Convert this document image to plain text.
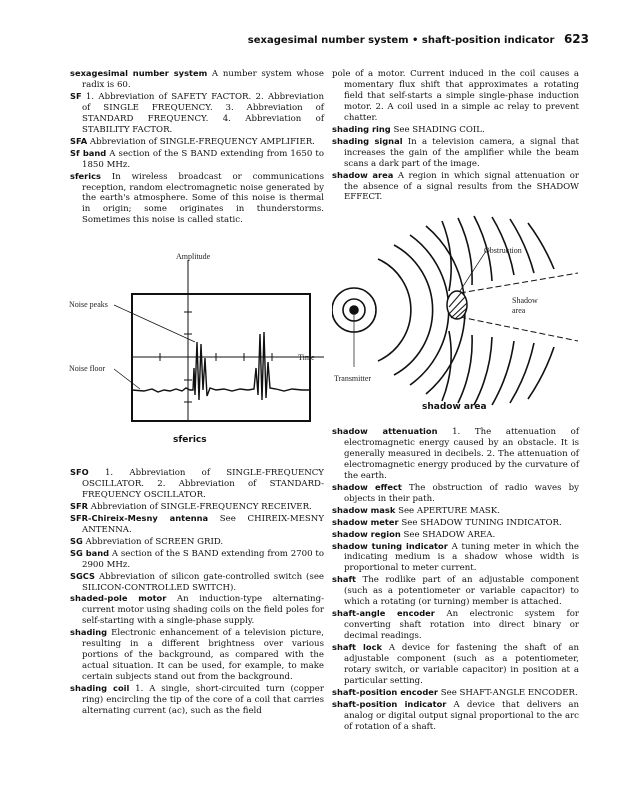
sexagesimal number system • shaft-position indicator 623

sexagesimal number system A number system whose radix is 60.

SF 1. Abbreviation of SAFETY FACTOR. 2. Abbreviation of SINGLE FREQUENCY. 3. Abbreviation of STANDARD FREQUENCY. 4. Abbreviation of STABILITY FACTOR.

SFA Abbreviation of SINGLE-FREQUENCY AMPLIFIER.

Sf band A section of the S BAND extending from 1650 to 1850 MHz.

sferics In wireless broadcast or communications reception, random electromagnetic noise generated by the earth's atmosphere. Some of this noise is thermal in origin; some originates in thunderstorms. Sometimes this noise is called static.

pole of a motor. Current induced in the coil causes a momentary flux shift that approximates a rotating field that self-starts a simple single-phase induction motor. 2. A coil used in a simple ac relay to prevent chatter.

shading ring See SHADING COIL.

shading signal In a television camera, a signal that increases the gain of the amplifier while the beam scans a dark part of the image.

shadow area A region in which signal attenuation or the absence of a signal results from the SHADOW EFFECT.

Amplitude
Noise peaks
Time
Noise floor
sferics
Obstruction
Shadow
area
Transmitter
shadow area

SFO 1. Abbreviation of SINGLE-FREQUENCY OSCILLATOR. 2. Abbreviation of STANDARD-FREQUENCY OSCILLATOR.

SFR Abbreviation of SINGLE-FREQUENCY RECEIVER.

SFR-Chireix-Mesny antenna See CHIREIX-MESNY ANTENNA.

SG Abbreviation of SCREEN GRID.

SG band A section of the S BAND extending from 2700 to 2900 MHz.

SGCS Abbreviation of silicon gate-controlled switch (see SILICON-CONTROLLED SWITCH).

shaded-pole motor An induction-type alternating-current motor using shading coils on the field poles for self-starting with a single-phase supply.

shading Electronic enhancement of a television picture, resulting in a different brightness over various portions of the background, as compared with the actual situation. It can be used, for example, to make certain subjects stand out from the background.

shading coil 1. A single, short-circuited turn (copper ring) encircling the tip of the core of a coil that carries alternating current (ac), such as the field

shadow attenuation 1. The attenuation of electromagnetic energy caused by an obstacle. It is generally measured in decibels. 2. The attenuation of electromagnetic energy produced by the curvature of the earth.

shadow effect The obstruction of radio waves by objects in their path.

shadow mask See APERTURE MASK.

shadow meter See SHADOW TUNING INDICATOR.

shadow region See SHADOW AREA.

shadow tuning indicator A tuning meter in which the indicating medium is a shadow whose width is proportional to meter current.

shaft The rodlike part of an adjustable component (such as a potentiometer or variable capacitor) to which a rotating (or turning) member is attached.

shaft-angle encoder An electronic system for converting shaft rotation into direct binary or decimal readings.

shaft lock A device for fastening the shaft of an adjustable component (such as a potentiometer, rotary switch, or variable capacitor) in position at a particular setting.

shaft-position encoder See SHAFT-ANGLE ENCODER.

shaft-position indicator A device that delivers an analog or digital output signal proportional to the arc of rotation of a shaft.
